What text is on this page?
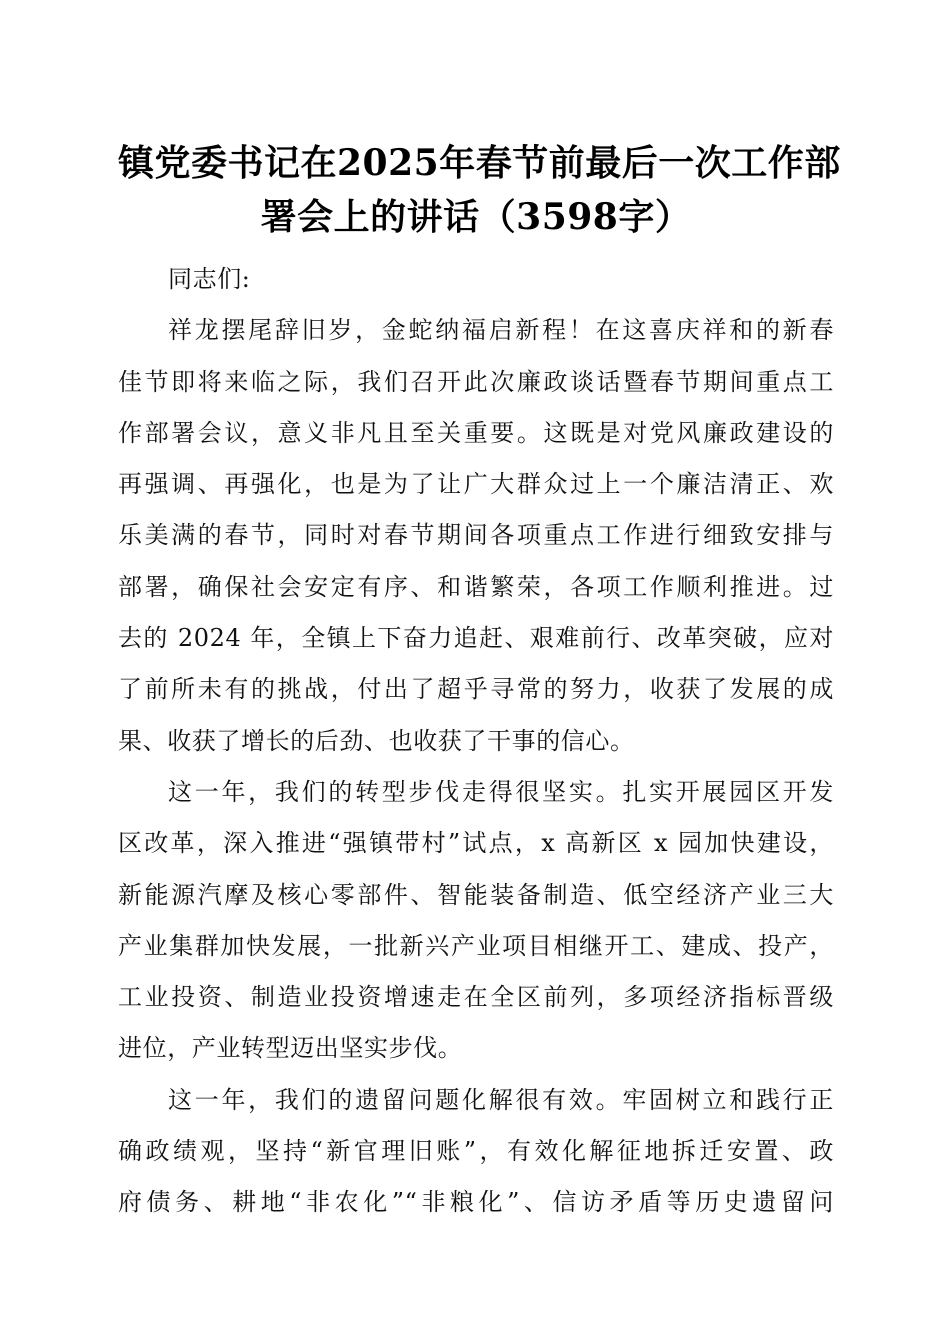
镇党委书记在2025年春节前最后一次工作部
署会上的讲话（3598字）

同志们:

祥龙摆尾辞旧岁，金蛇纳福启新程！在这喜庆祥和的新春
佳节即将来临之际，我们召开此次廉政谈话暨春节期间重点工
作部署会议，意义非凡且至关重要。这既是对党风廉政建设的
再强调、再强化，也是为了让广大群众过上一个廉洁清正、欢
乐美满的春节，同时对春节期间各项重点工作进行细致安排与
部署，确保社会安定有序、和谐繁荣，各项工作顺利推进。过
去的 2024 年，全镇上下奋力追赶、艰难前行、改革突破，应对
了前所未有的挑战，付出了超乎寻常的努力，收获了发展的成
果、收获了增长的后劲、也收获了干事的信心。

这一年，我们的转型步伐走得很坚实。扎实开展园区开发
区改革，深入推进“强镇带村”试点，x 高新区 x 园加快建设，
新能源汽摩及核心零部件、智能装备制造、低空经济产业三大
产业集群加快发展，一批新兴产业项目相继开工、建成、投产，
工业投资、制造业投资增速走在全区前列，多项经济指标晋级
进位，产业转型迈出坚实步伐。

这一年，我们的遗留问题化解很有效。牢固树立和践行正
确政绩观，坚持“新官理旧账”，有效化解征地拆迁安置、政
府债务、耕地“非农化”“非粮化”、信访矛盾等历史遗留问
